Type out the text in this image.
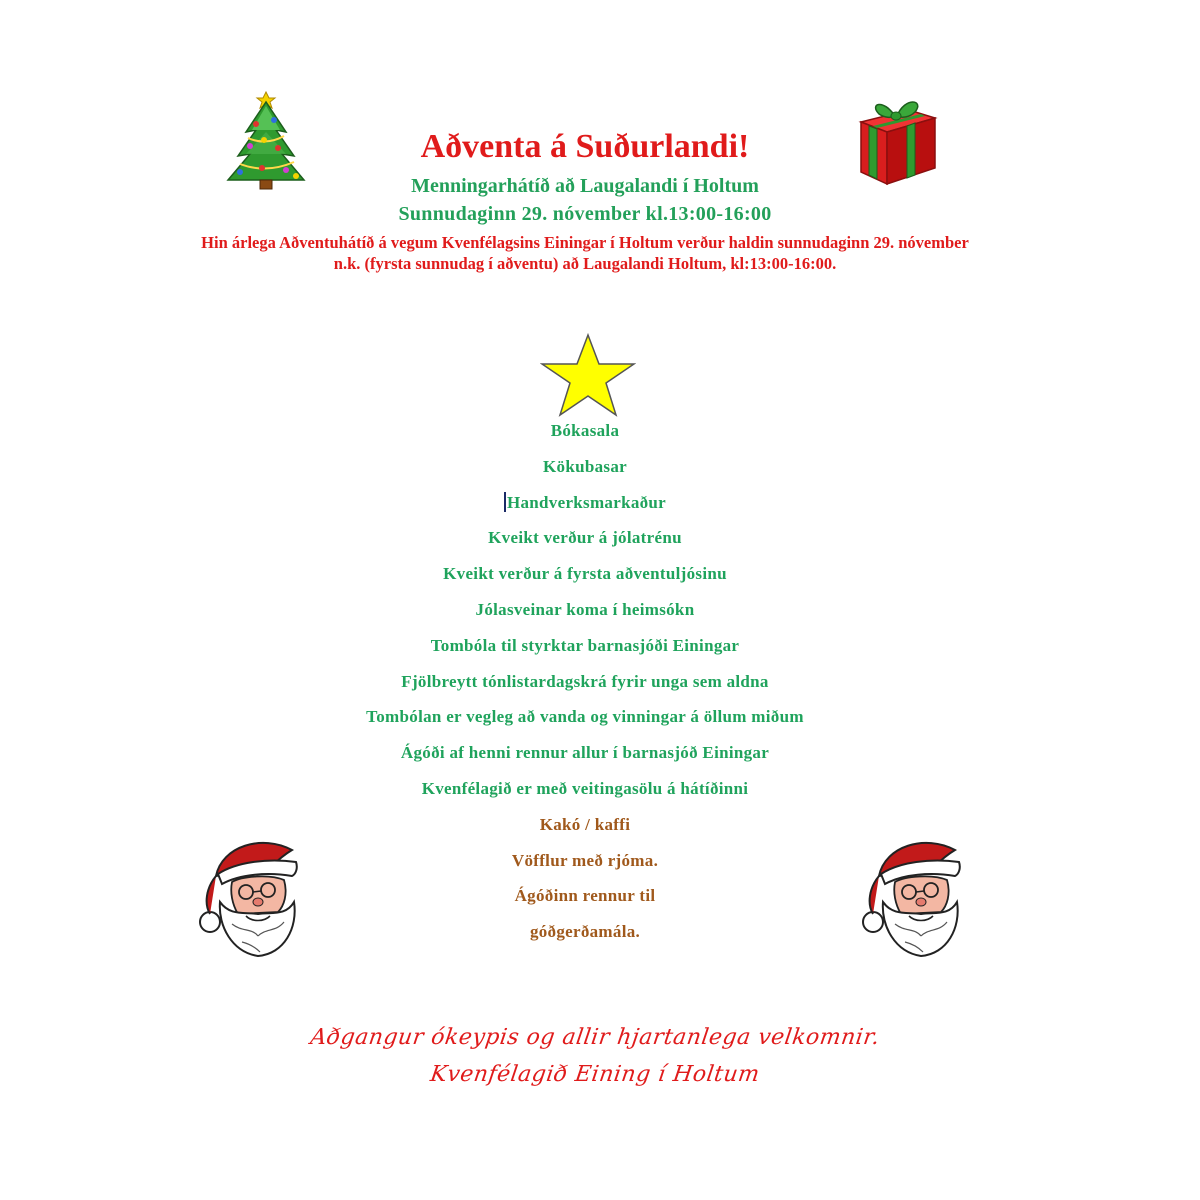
Aðventa á Suðurlandi!
Menningarhátíð að Laugalandi í Holtum
Sunnudaginn 29. nóvember kl.13:00-16:00
Hin árlega Aðventuhátíð á vegum Kvenfélagsins Einingar í Holtum verður haldin sunnudaginn 29. nóvember n.k. (fyrsta sunnudag í aðventu) að Laugalandi Holtum, kl:13:00-16:00.
Bókasala
Kökubasar
Handverksmarkaður
Kveikt verður á jólatrénu
Kveikt verður á fyrsta aðventuljósinu
Jólasveinar koma í heimsókn
Tombóla til styrktar barnasjóði Einingar
Fjölbreytt tónlistardagskrá fyrir unga sem aldna
Tombólan er vegleg að vanda og vinningar á öllum miðum
Ágóði af henni rennur allur í barnasjóð Einingar
Kvenfélagið er með veitingasölu á hátíðinni
Kakó / kaffi
Vöfflur með rjóma.
Ágóðinn rennur til
góðgerðamála.
Aðgangur ókeypis og allir hjartanlega velkomnir.
Kvenfélagið Eining í Holtum
